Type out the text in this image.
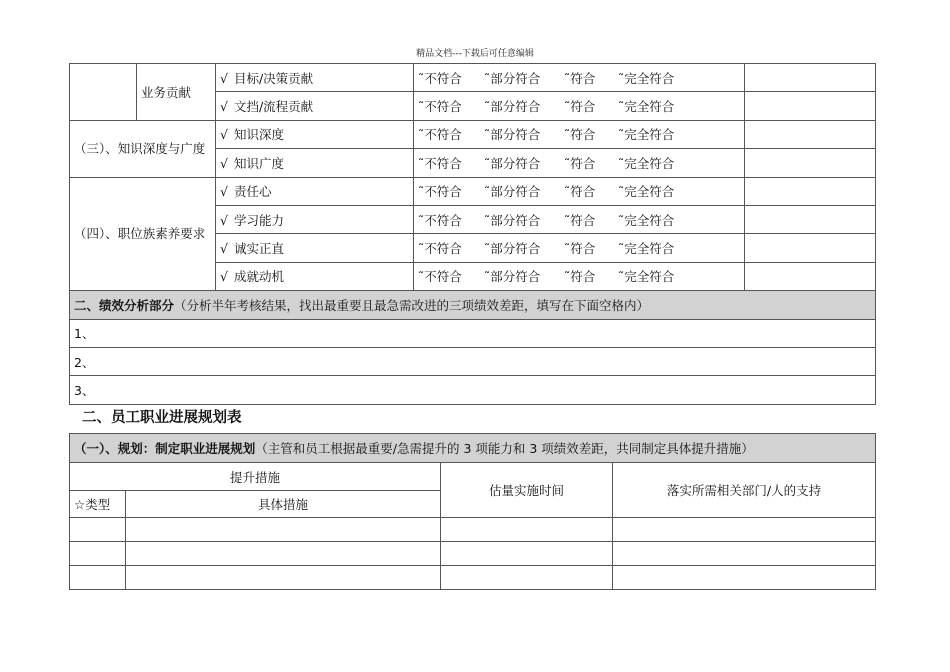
精品文档---下载后可任意编辑
	业务贡献	√ 目标/决策贡献	˜不符合 ˜部分符合 ˜符合 ˜完全符合	
		√ 文挡/流程贡献	˜不符合 ˜部分符合 ˜符合 ˜完全符合	
（三）、知识深度与广度		√ 知识深度	˜不符合 ˜部分符合 ˜符合 ˜完全符合	
		√ 知识广度	˜不符合 ˜部分符合 ˜符合 ˜完全符合	
（四）、职位族素养要求		√ 责任心	˜不符合 ˜部分符合 ˜符合 ˜完全符合	
		√ 学习能力	˜不符合 ˜部分符合 ˜符合 ˜完全符合	
		√ 诚实正直	˜不符合 ˜部分符合 ˜符合 ˜完全符合	
		√ 成就动机	˜不符合 ˜部分符合 ˜符合 ˜完全符合	
二、绩效分析部分（分析半年考核结果，找出最重要且最急需改进的三项绩效差距，填写在下面空格内）				
1、				
2、				
3、				
二、员工职业进展规划表
（一）、规划：制定职业进展规划（主管和员工根据最重要/急需提升的 3 项能力和 3 项绩效差距，共同制定具体提升措施）			
提升措施		估量实施时间	落实所需相关部门/人的支持
☆类型	具体措施		
